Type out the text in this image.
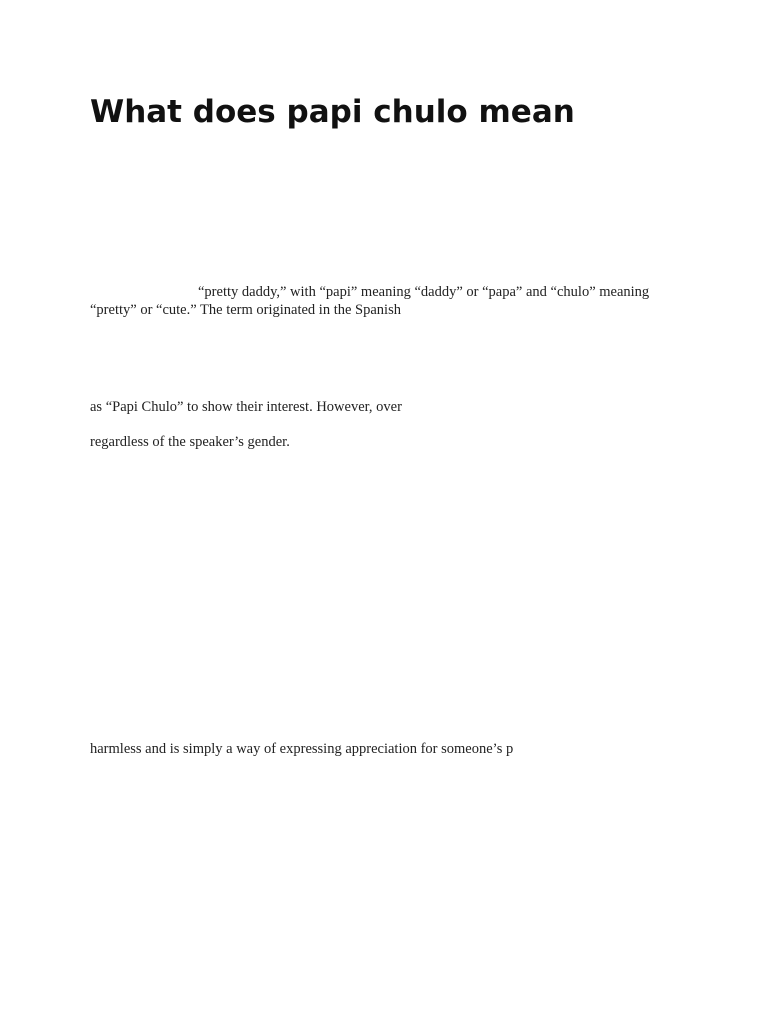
What does papi chulo mean

“pretty daddy,” with “papi” meaning “daddy” or “papa” and “chulo” meaning

“pretty” or “cute.” The term originated in the Spanish

as “Papi Chulo” to show their interest. However, over

regardless of the speaker’s gender.

harmless and is simply a way of expressing appreciation for someone’s p
